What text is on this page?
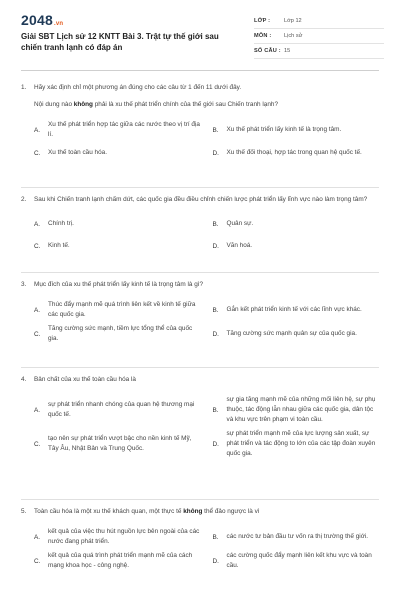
2048.vn
Giải SBT Lịch sử 12 KNTT Bài 3. Trật tự thế giới sau chiến tranh lạnh có đáp án
LỚP :	Lớp 12
MÔN :	Lịch sử
SỐ CÂU : 15
1.	Hãy xác định chỉ một phương án đúng cho các câu từ 1 đến 11 dưới đây.
Nội dung nào không phải là xu thế phát triển chính của thế giới sau Chiến tranh lạnh?
A.
Xu thế phát triển hợp tác giữa các nước theo vị trí địa lí.
B.	Xu thế phát triển lấy kinh tế là trọng tâm.
C.	Xu thế toàn cầu hóa.	D.	Xu thế đối thoại, hợp tác trong quan hệ quốc tế.
2.	Sau khi Chiến tranh lạnh chấm dứt, các quốc gia đều điều chỉnh chiến lược phát triển lấy lĩnh vực nào làm trọng tâm?
A.	Chính trị.	B.	Quân sự.
C.	Kinh tế.	D.	Văn hoá.
3.	Mục đích của xu thế phát triển lấy kinh tế là trọng tâm là gì?
A.
Thúc đẩy mạnh mẽ quá trình liên kết về kinh tế giữa các quốc gia.
B.	Gắn kết phát triển kinh tế với các lĩnh vực khác.
C.
Tăng cường sức mạnh, tiềm lực tổng thể của quốc gia.
D.	Tăng cường sức mạnh quân sự của quốc gia.
4.	Bản chất của xu thế toàn cầu hóa là
A.
sự phát triển nhanh chóng của quan hệ thương mại quốc tế.
B.
sự gia tăng mạnh mẽ của những mối liên hệ, sự phụ thuộc, tác động lẫn nhau giữa các quốc gia, dân tộc và khu vực trên phạm vi toàn cầu.
C.
tạo nên sự phát triển vượt bậc cho nền kinh tế Mỹ, Tây Âu, Nhật Bản và Trung Quốc.
D.
sự phát triển mạnh mẽ của lực lượng sản xuất, sự phát triển và tác động to lớn của các tập đoàn xuyên quốc gia.
5.	Toàn cầu hóa là một xu thế khách quan, một thực tế không thể đảo ngược là vì
A.
kết quả của việc thu hút nguồn lực bên ngoài của các nước đang phát triển.
B.	các nước tư bản đầu tư vốn ra thị trường thế giới.
C.
kết quả của quá trình phát triển mạnh mẽ của cách mạng khoa học - công nghệ.
D.
các cường quốc đẩy mạnh liên kết khu vực và toàn cầu.
